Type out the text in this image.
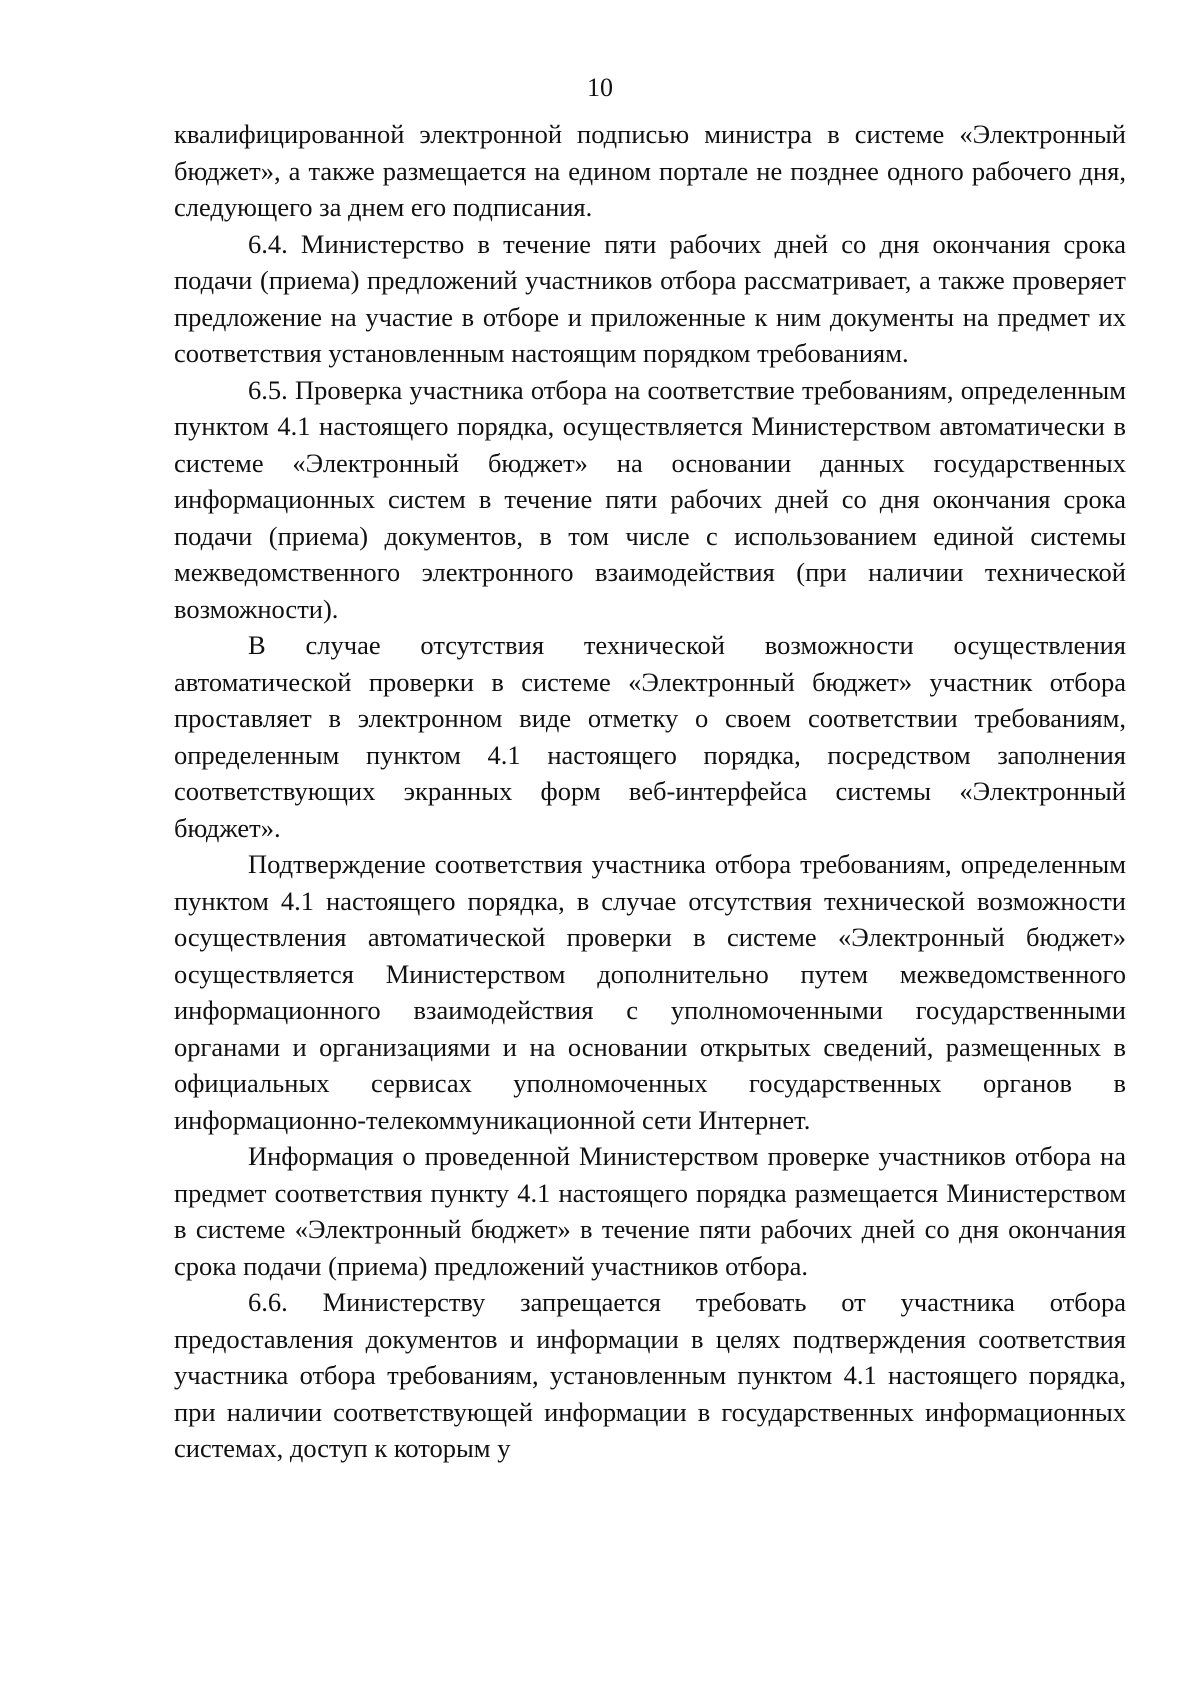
10

квалифицированной электронной подписью министра в системе «Электронный бюджет», а также размещается на едином портале не позднее одного рабочего дня, следующего за днем его подписания.

6.4. Министерство в течение пяти рабочих дней со дня окончания срока подачи (приема) предложений участников отбора рассматривает, а также проверяет предложение на участие в отборе и приложенные к ним документы на предмет их соответствия установленным настоящим порядком требованиям.

6.5. Проверка участника отбора на соответствие требованиям, определенным пунктом 4.1 настоящего порядка, осуществляется Министерством автоматически в системе «Электронный бюджет» на основании данных государственных информационных систем в течение пяти рабочих дней со дня окончания срока подачи (приема) документов, в том числе с использованием единой системы межведомственного электронного взаимодействия (при наличии технической возможности).

В случае отсутствия технической возможности осуществления автоматической проверки в системе «Электронный бюджет» участник отбора проставляет в электронном виде отметку о своем соответствии требованиям, определенным пунктом 4.1 настоящего порядка, посредством заполнения соответствующих экранных форм веб-интерфейса системы «Электронный бюджет».

Подтверждение соответствия участника отбора требованиям, определенным пунктом 4.1 настоящего порядка, в случае отсутствия технической возможности осуществления автоматической проверки в системе «Электронный бюджет» осуществляется Министерством дополнительно путем межведомственного информационного взаимодействия с уполномоченными государственными органами и организациями и на основании открытых сведений, размещенных в официальных сервисах уполномоченных государственных органов в информационно-телекоммуникационной сети Интернет.

Информация о проведенной Министерством проверке участников отбора на предмет соответствия пункту 4.1 настоящего порядка размещается Министерством в системе «Электронный бюджет» в течение пяти рабочих дней со дня окончания срока подачи (приема) предложений участников отбора.

6.6. Министерству запрещается требовать от участника отбора предоставления документов и информации в целях подтверждения соответствия участника отбора требованиям, установленным пунктом 4.1 настоящего порядка, при наличии соответствующей информации в государственных информационных системах, доступ к которым у
